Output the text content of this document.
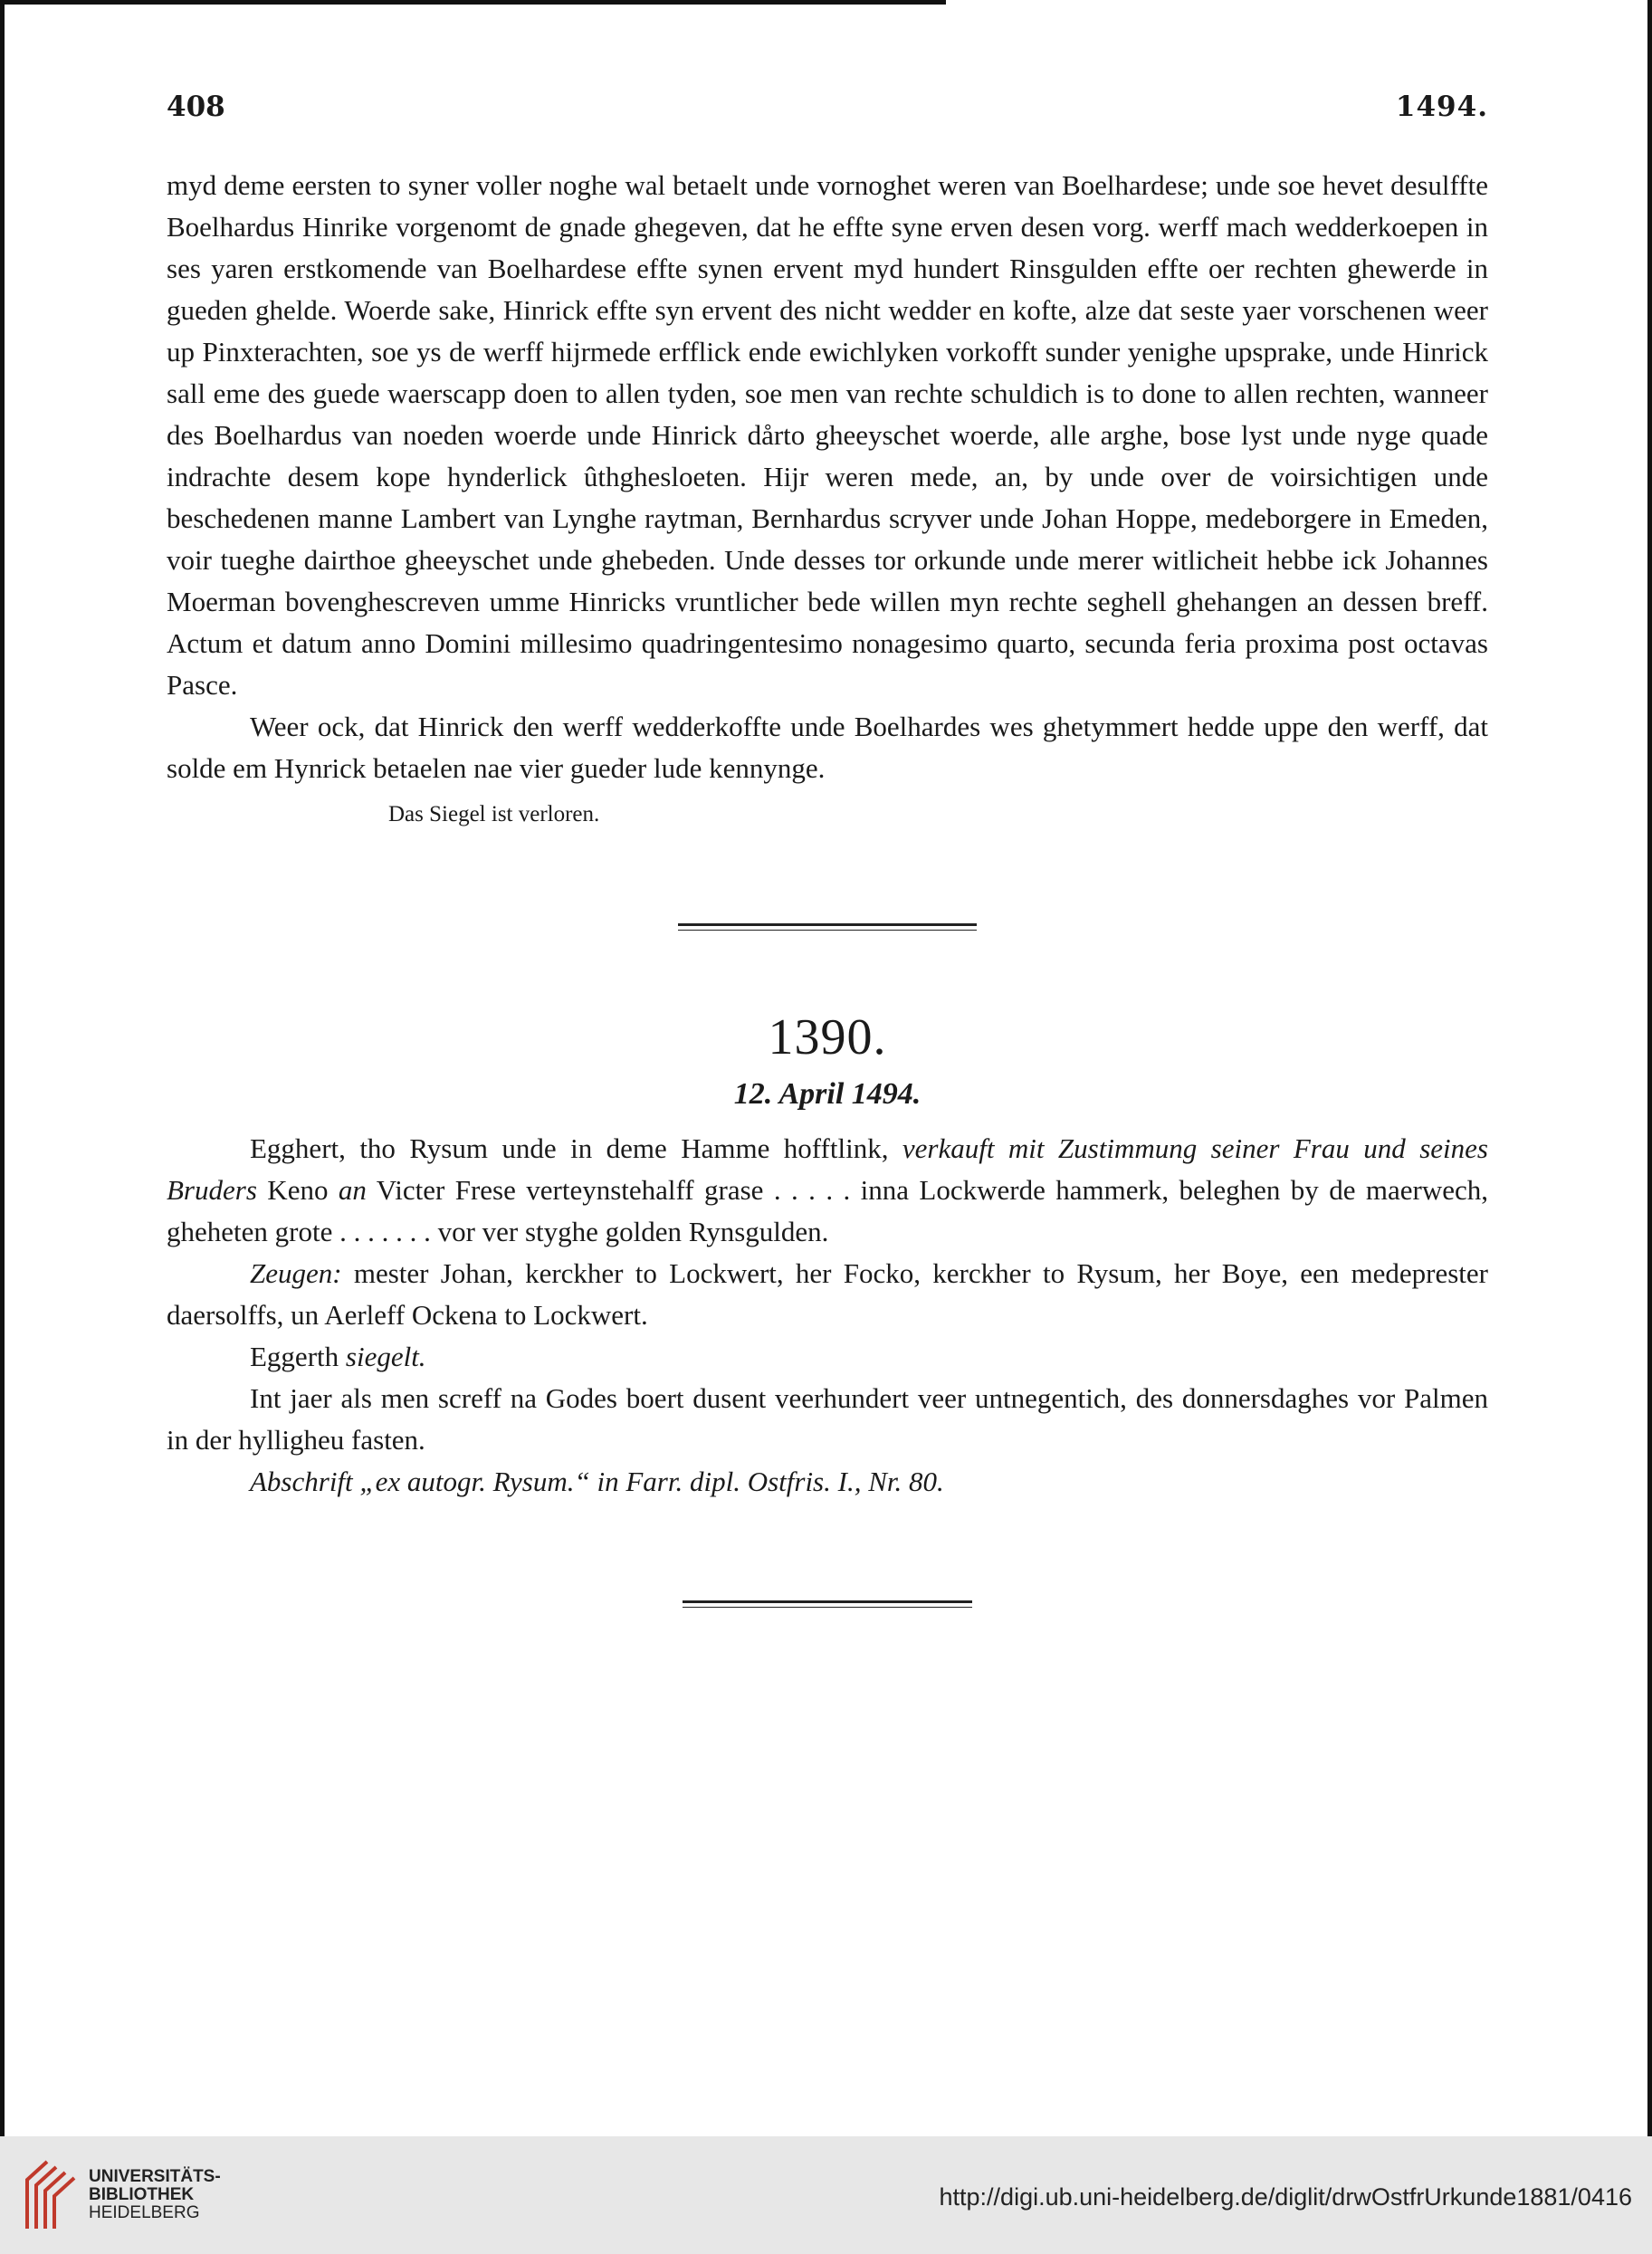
408	1494.

myd deme eersten to syner voller noghe wal betaelt unde vornoghet weren van Boelhardese; unde soe hevet desulffte Boelhardus Hinrike vorgenomt de gnade ghegeven, dat he effte syne erven desen vorg. werff mach wedderkoepen in ses yaren erstkomende van Boelhardese effte synen ervent myd hundert Rinsgulden effte oer rechten ghewerde in gueden ghelde. Woerde sake, Hinrick effte syn ervent des nicht wedder en kofte, alze dat seste yaer vorschenen weer up Pinxterachten, soe ys de werff hijrmede erfflick ende ewichlyken vorkofft sunder yenighe upsprake, unde Hinrick sall eme des guede waerscapp doen to allen tyden, soe men van rechte schuldich is to done to allen rechten, wanneer des Boelhardus van noeden woerde unde Hinrick dårto gheeyschet woerde, alle arghe, bose lyst unde nyge quade indrachte desem kope hynderlick ûthghesloeten. Hijr weren mede, an, by unde over de voirsichtigen unde beschedenen manne Lambert van Lynghe raytman, Bernhardus scryver unde Johan Hoppe, medeborgere in Emeden, voir tueghe dairthoe gheeyschet unde ghebeden. Unde desses tor orkunde unde merer witlicheit hebbe ick Johannes Moerman bovenghescreven umme Hinricks vruntlicher bede willen myn rechte seghell ghehangen an dessen breff. Actum et datum anno Domini millesimo quadringentesimo nonagesimo quarto, secunda feria proxima post octavas Pasce.

Weer ock, dat Hinrick den werff wedderkoffte unde Boelhardes wes ghetymmert hedde uppe den werff, dat solde em Hynrick betaelen nae vier gueder lude kennynge.

Das Siegel ist verloren.
1390.
12. April 1494.

Egghert, tho Rysum unde in deme Hamme hofftlink, verkauft mit Zustimmung seiner Frau und seines Bruders Keno an Victer Frese verteynstehalff grase . . . . . inna Lockwerde hammerk, beleghen by de maerwech, gheheten grote . . . . . . . vor ver styghe golden Rynsgulden.

Zeugen: mester Johan, kerckher to Lockwert, her Focko, kerckher to Rysum, her Boye, een medeprester daersolffs, un Aerleff Ockena to Lockwert.

Eggerth siegelt.

Int jaer als men screff na Godes boert dusent veerhundert veer untnegentich, des donnersdaghes vor Palmen in der hylligheu fasten.

Abschrift „ex autogr. Rysum.“ in Farr. dipl. Ostfris. I., Nr. 80.

UNIVERSITÄTS-
BIBLIOTHEK
HEIDELBERG
http://digi.ub.uni-heidelberg.de/diglit/drwOstfrUrkunde1881/0416
